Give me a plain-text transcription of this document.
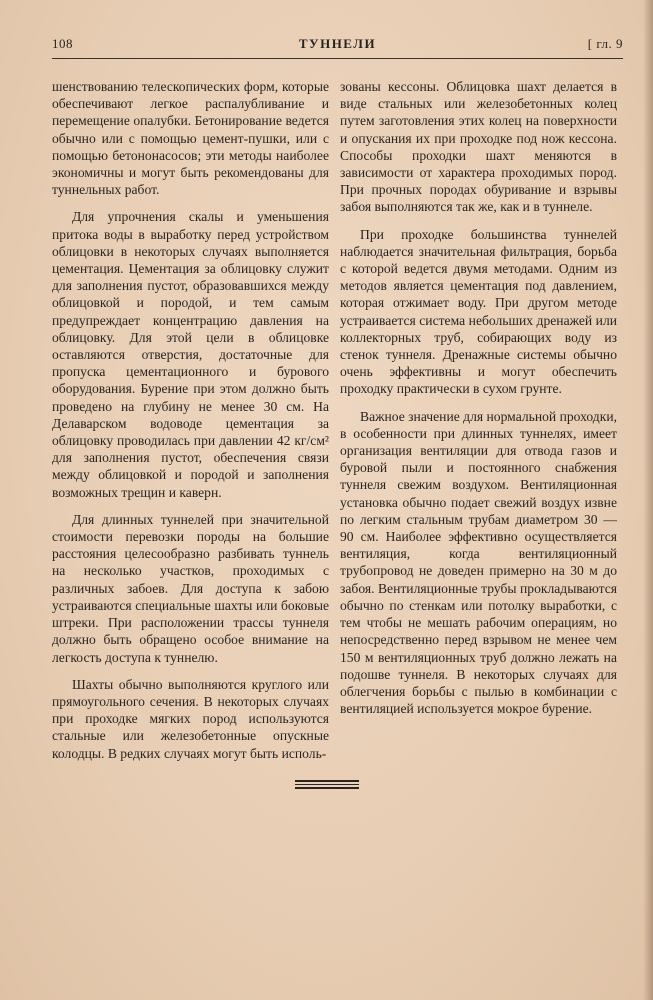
108	ТУННЕЛИ	[ гл. 9

шенствованию телескопических форм, которые обеспечивают легкое распалубливание и перемещение опалубки. Бетонирование ведется обычно или с помощью цемент-пушки, или с помощью бетононасосов; эти методы наиболее экономичны и могут быть рекомендованы для туннельных работ.

Для упрочнения скалы и уменьшения притока воды в выработку перед устройством облицовки в некоторых случаях выполняется цементация. Цементация за облицовку служит для заполнения пустот, образовавшихся между облицовкой и породой, и тем самым предупреждает концентрацию давления на облицовку. Для этой цели в облицовке оставляются отверстия, достаточные для пропуска цементационного и бурового оборудования. Бурение при этом должно быть проведено на глубину не менее 30 см. На Делаварском водоводе цементация за облицовку проводилась при давлении 42 кг/см² для заполнения пустот, обеспечения связи между облицовкой и породой и заполнения возможных трещин и каверн.

Для длинных туннелей при значительной стоимости перевозки породы на большие расстояния целесообразно разбивать туннель на несколько участков, проходимых с различных забоев. Для доступа к забою устраиваются специальные шахты или боковые штреки. При расположении трассы туннеля должно быть обращено особое внимание на легкость доступа к туннелю.

Шахты обычно выполняются круглого или прямоугольного сечения. В некоторых случаях при проходке мягких пород используются стальные или железобетонные опускные колодцы. В редких случаях могут быть исполь-

зованы кессоны. Облицовка шахт делается в виде стальных или железобетонных колец путем заготовления этих колец на поверхности и опускания их при проходке под нож кессона. Способы проходки шахт меняются в зависимости от характера проходимых пород. При прочных породах обуривание и взрывы забоя выполняются так же, как и в туннеле.

При проходке большинства туннелей наблюдается значительная фильтрация, борьба с которой ведется двумя методами. Одним из методов является цементация под давлением, которая отжимает воду. При другом методе устраивается система небольших дренажей или коллекторных труб, собирающих воду из стенок туннеля. Дренажные системы обычно очень эффективны и могут обеспечить проходку практически в сухом грунте.

Важное значение для нормальной проходки, в особенности при длинных туннелях, имеет организация вентиляции для отвода газов и буровой пыли и постоянного снабжения туннеля свежим воздухом. Вентиляционная установка обычно подает свежий воздух извне по легким стальным трубам диаметром 30 — 90 см. Наиболее эффективно осуществляется вентиляция, когда вентиляционный трубопровод не доведен примерно на 30 м до забоя. Вентиляционные трубы прокладываются обычно по стенкам или потолку выработки, с тем чтобы не мешать рабочим операциям, но непосредственно перед взрывом не менее чем 150 м вентиляционных труб должно лежать на подошве туннеля. В некоторых случаях для облегчения борьбы с пылью в комбинации с вентиляцией используется мокрое бурение.
